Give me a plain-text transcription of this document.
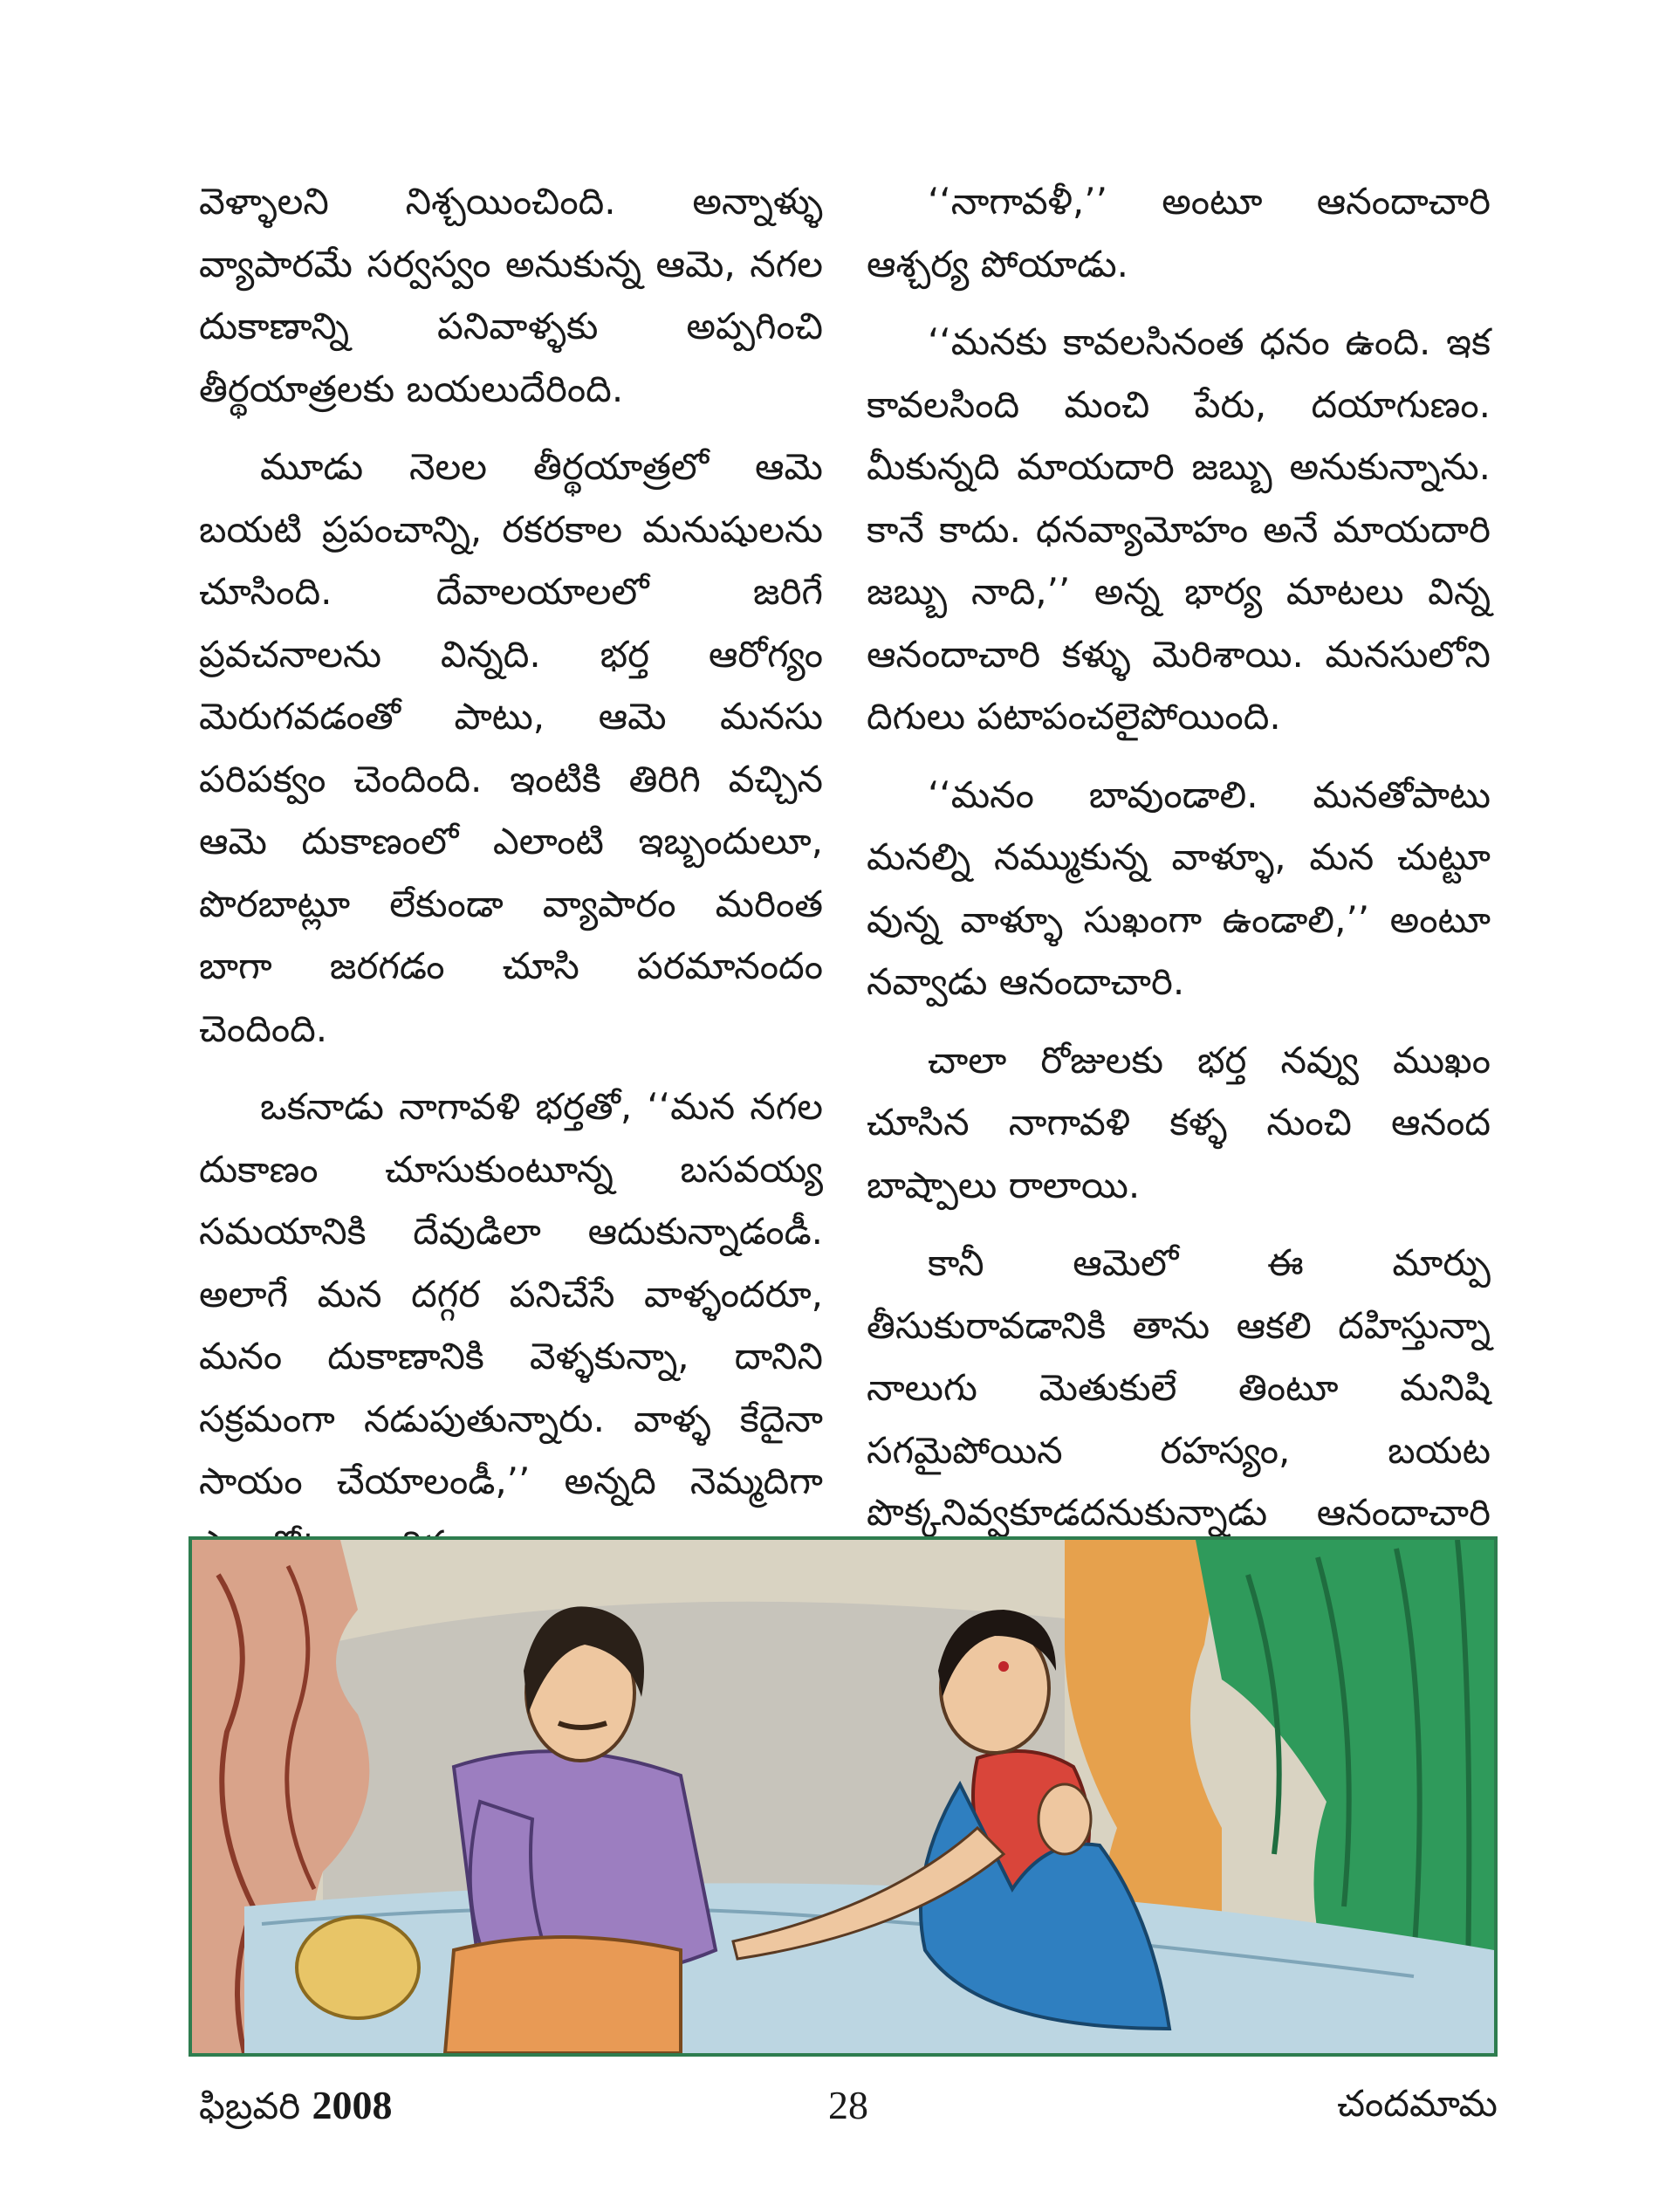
వెళ్ళాలని నిశ్చయించింది. అన్నాళ్ళు వ్యాపారమే సర్వస్వం అనుకున్న ఆమె, నగల దుకాణాన్ని పనివాళ్ళకు అప్పగించి తీర్థయాత్రలకు బయలుదేరింది.

మూడు నెలల తీర్థయాత్రలో ఆమె బయటి ప్రపంచాన్ని, రకరకాల మనుషులను చూసింది. దేవాలయాలలో జరిగే ప్రవచనాలను విన్నది. భర్త ఆరోగ్యం మెరుగవడంతో పాటు, ఆమె మనసు పరిపక్వం చెందింది. ఇంటికి తిరిగి వచ్చిన ఆమె దుకాణంలో ఎలాంటి ఇబ్బందులూ, పొరబాట్లూ లేకుండా వ్యాపారం మరింత బాగా జరగడం చూసి పరమానందం చెందింది.

ఒకనాడు నాగావళి భర్తతో, ‘‘మన నగల దుకాణం చూసుకుంటూన్న బసవయ్య సమయానికి దేవుడిలా ఆదుకున్నాడండీ. అలాగే మన దగ్గర పనిచేసే వాళ్ళందరూ, మనం దుకాణానికి వెళ్ళకున్నా, దానిని సక్రమంగా నడుపుతున్నారు. వాళ్ళ కేదైనా సాయం చేయాలండీ,’’ అన్నది నెమ్మదిగా

‘‘నాగావళీ,’’ అంటూ ఆనందాచారి ఆశ్చర్య పోయాడు.

‘‘మనకు కావలసినంత ధనం ఉంది. ఇక కావలసింది మంచి పేరు, దయాగుణం. మీకున్నది మాయదారి జబ్బు అనుకున్నాను. కానే కాదు. ధనవ్యామోహం అనే మాయదారి జబ్బు నాది,’’ అన్న భార్య మాటలు విన్న ఆనందాచారి కళ్ళు మెరిశాయి. మనసులోని దిగులు పటాపంచలైపోయింది.

‘‘మనం బావుండాలి. మనతోపాటు మనల్ని నమ్ముకున్న వాళ్ళూ, మన చుట్టూ వున్న వాళ్ళూ సుఖంగా ఉండాలి,’’ అంటూ నవ్వాడు ఆనందాచారి.

చాలా రోజులకు భర్త నవ్వు ముఖం చూసిన నాగావళి కళ్ళ నుంచి ఆనంద బాష్పాలు రాలాయి.

కానీ ఆమెలో ఈ మార్పు తీసుకురావడానికి తాను ఆకలి దహిస్తున్నా నాలుగు మెతుకులే తింటూ మనిషి సగమైపోయిన రహస్యం, బయట పొక్కనివ్వకూడదనుకున్నాడు ఆనందాచారి

ఫిబ్రవరి 2008	28	చందమామ
